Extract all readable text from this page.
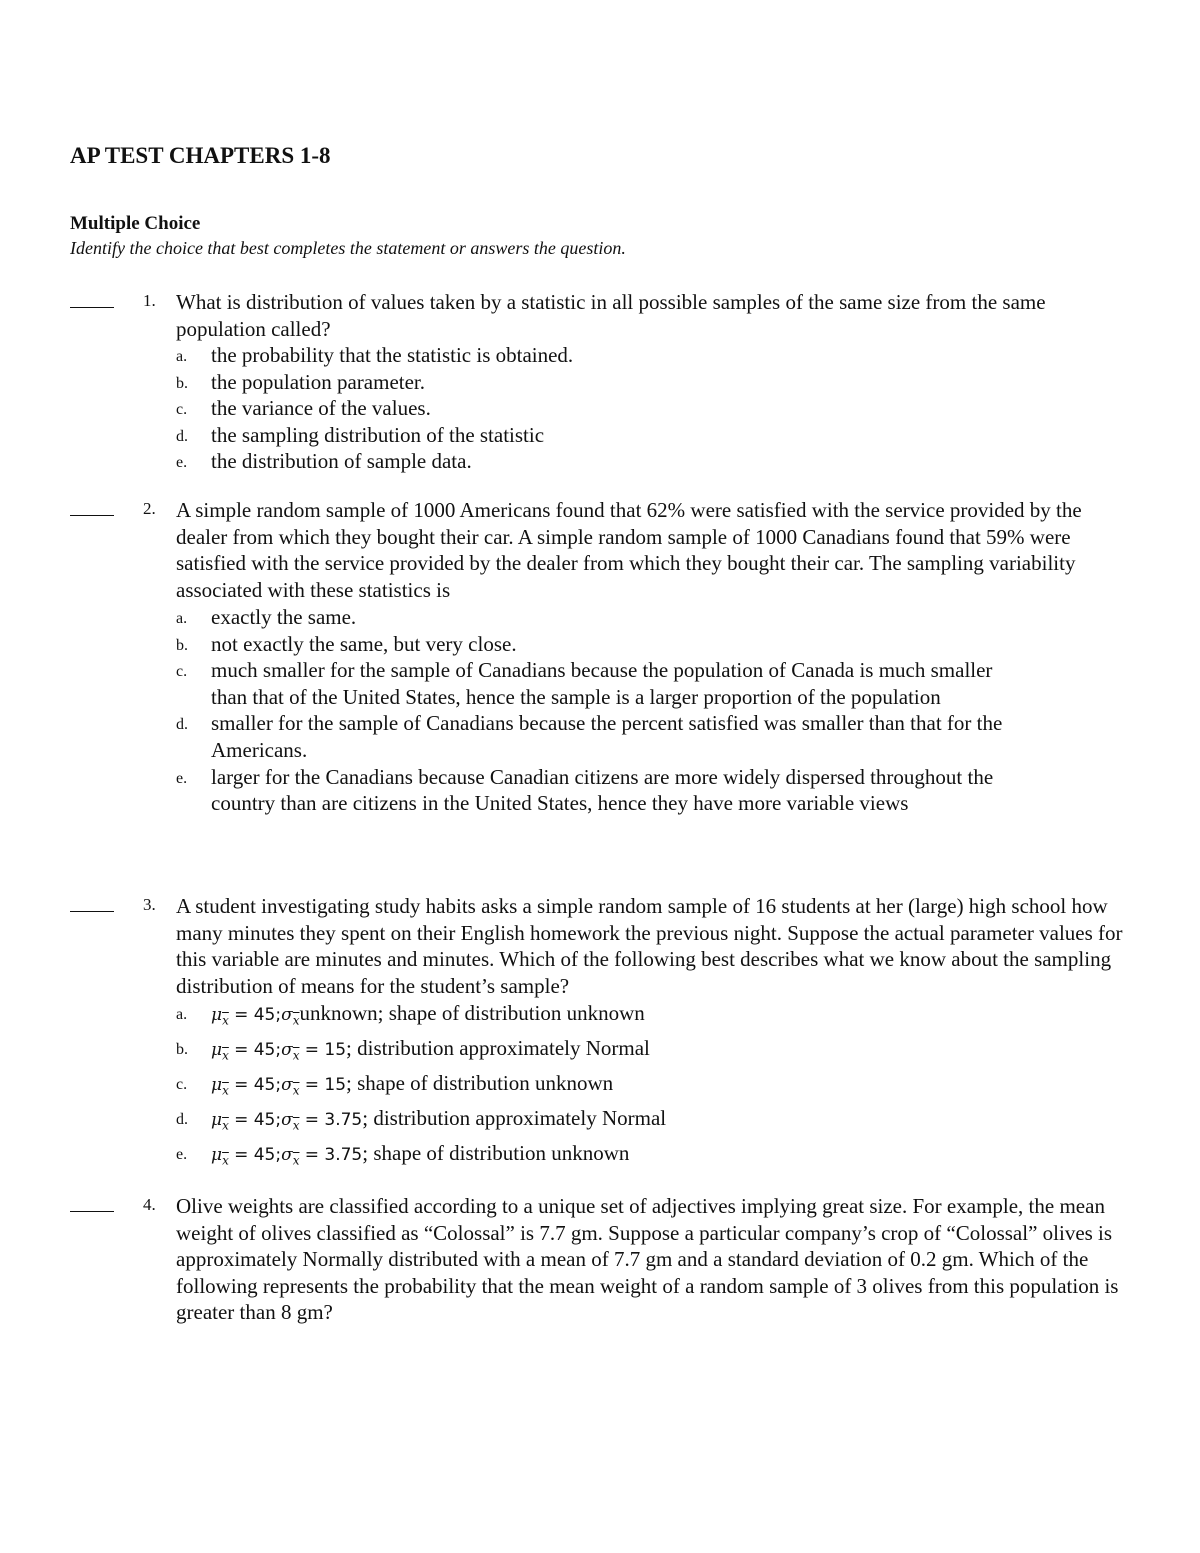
AP TEST CHAPTERS 1-8
Multiple Choice

Identify the choice that best completes the statement or answers the question.

1. What is distribution of values taken by a statistic in all possible samples of the same size from the same population called?

a. the probability that the statistic is obtained.
b. the population parameter.
c. the variance of the values.
d. the sampling distribution of the statistic
e. the distribution of sample data.
2. A simple random sample of 1000 Americans found that 62% were satisfied with the service provided by the dealer from which they bought their car. A simple random sample of 1000 Canadians found that 59% were satisfied with the service provided by the dealer from which they bought their car. The sampling variability associated with these statistics is

a. exactly the same.
b. not exactly the same, but very close.
c. much smaller for the sample of Canadians because the population of Canada is much smaller than that of the United States, hence the sample is a larger proportion of the population
d. smaller for the sample of Canadians because the percent satisfied was smaller than that for the Americans.
e. larger for the Canadians because Canadian citizens are more widely dispersed throughout the country than are citizens in the United States, hence they have more variable views
3. A student investigating study habits asks a simple random sample of 16 students at her (large) high school how many minutes they spent on their English homework the previous night. Suppose the actual parameter values for this variable are minutes and minutes. Which of the following best describes what we know about the sampling distribution of means for the student’s sample?

a. $\mu_{\overline{x}}$ = $45;\sigma_{\overline{x}}unknown$; shape of distribution unknown
b. $\mu_{\overline{x}}$ = $45;\sigma_{\overline{x}} = 15$; distribution approximately Normal
c. $\mu_{\overline{x}}$ = $45;\sigma_{\overline{x}} = 15$; shape of distribution unknown
d. $\mu_{\overline{x}}$ = $45;\sigma_{\overline{x}} = 3.75$; distribution approximately Normal
e. $\mu_{\overline{x}}$ = $45;\sigma_{\overline{x}} = 3.75$; shape of distribution unknown
4. Olive weights are classified according to a unique set of adjectives implying great size. For example, the mean weight of olives classified as “Colossal” is 7.7 gm. Suppose a particular company’s crop of “Colossal” olives is approximately Normally distributed with a mean of 7.7 gm and a standard deviation of 0.2 gm. Which of the following represents the probability that the mean weight of a random sample of 3 olives from this population is greater than 8 gm?
